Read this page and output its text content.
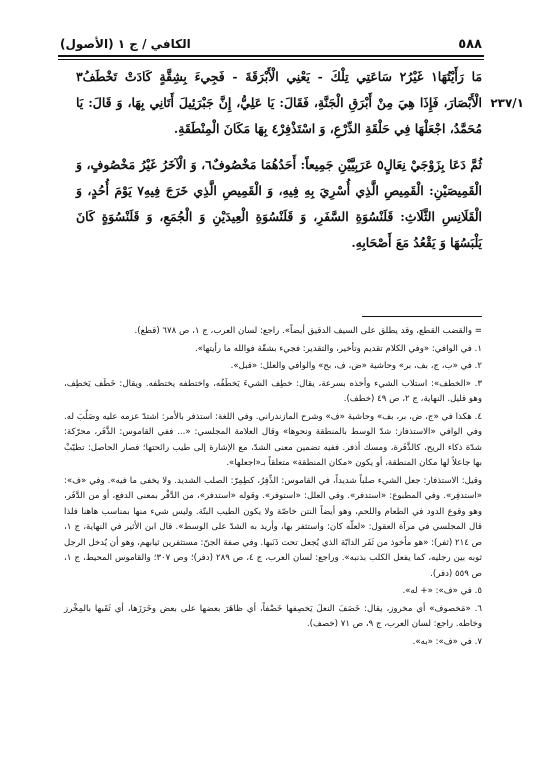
٥٨٨
الكافي / ج ١ (الأصول)
٢٣٧/١

مَا رَأَيْتُهَا١ غَيْرُ٢ سَاعَتِي تِلْكَ - يَعْنِي الْأَبْرَقَةَ - فَجِيءَ بِشِقَّةٍ كَادَتْ تَخْطَفُ٣ الْأَبْصَارَ، فَإِذَا هِيَ مِنْ أَبْرَقِ الْجَنَّةِ، فَقَالَ: يَا عَلِيُّ، إِنَّ جَبْرَئِيلَ أَتَانِي بِهَا، وَ قَالَ: يَا مُحَمَّدُ، اجْعَلْهَا فِي حَلْقَةِ الدِّرْعِ، وَ اسْتَذْفِرْ٤ بِهَا مَكَانَ الْمِنْطَقَةِ.

ثُمَّ دَعَا بِزَوْجَيْ نِعَالٍ٥ عَرَبِيَّيْنِ جَمِيعاً: أَحَدُهُمَا مَخْصُوفٌ٦، وَ الْآخَرُ غَيْرُ مَخْصُوفٍ، وَ الْقَمِيصَيْنِ: الْقَمِيصِ الَّذِي أُسْرِيَ بِهِ فِيهِ، وَ الْقَمِيصِ الَّذِي خَرَجَ فِيهِ٧ يَوْمَ أُحُدٍ، وَ الْقَلَانِسِ الثَّلَاثِ: قَلَنْسُوَةِ السَّفَرِ، وَ قَلَنْسُوَةِ الْعِيدَيْنِ وَ الْجُمَعِ، وَ قَلَنْسُوَةٍ كَانَ يَلْبَسُهَا وَ يَقْعُدُ مَعَ أَصْحَابِهِ.

= والقضب القطع، وقد يطلق على السيف الدقيق أيضاً». راجع: لسان العرب، ج ١، ص ٦٧٨ (قطع).

١. في الوافي: «وفي الكلام تقديم وتأخير، والتقدير: فجيء بشقّة فوالله ما رأيتها».

٢. في «ب، ج، بف، بر» وحاشية «ض، ف، بح» والوافي والعلل: «قبل».

٣. «الخطف»: استلاب الشيء وأخذه بسرعة، يقال: خطِف الشيءَ يَخطَفُه، واختطفه يختطفه. ويقال: خَطَف يَخطِف، وهو قليل. النهاية، ج ٢، ص ٤٩ (خطف).

٤. هكذا في «ج، ض، بر، بف» وحاشية «ف» وشرح المازندراني. وفي اللغة: استذفر بالأمر: اشتدّ عزمه عليه وصَلُبَ له. وفي الوافي «الاستذفار: شدّ الوسط بالمنطقة ونحوها» وقال العلامة المجلسي: «... ففي القاموس: الذَّفَر، محرّكة: شدّة ذكاء الريح، كالذَّفَرة، ومسك أذفر. ففيه تضمين معنى الشدّ، مع الإشارة إلى طيب رائحتها؛ فصار الحاصل: تطيّبْ بها جاعلاً لها مكان المنطقة، أو يكون «مكان المنطقة» متعلقاً بـ«اجعلها».

وقيل: الاستذفار: جعل الشيء صلباً شديداً، في القاموس: الذِّفِرُ، كطِمِرّ: الصلب الشديد. ولا يخفى ما فيه». وفي «ف»: «استدفِر». وفي المطبوع: «استدفر». وفي العلل: «استوفر». وقوله «استدفر»، من الدَّفْر بمعنى الدفع، أو من الدَّفَر، وهو وقوع الدود في الطعام واللحم، وهو أيضاً النتن خاصّة ولا يكون الطيب البتّة. وليس شيء منها بمناسب هاهنا فلذا قال المجلسي في مرآة العقول: «لعلّه كان: واستثفر بها، وأريد به الشدّ على الوسط». قال ابن الأثير في النهاية، ج ١، ص ٢١٤ (ثفر): «هو مأخوذ من ثَفَر الدابّة الذي يُجعل تحت ذَنَبها. وفي صفة الجنّ: مستثفرين ثيابهم، وهو أن يُدخل الرجل ثوبه بين رجليه، كما يفعل الكلب بذنبه». وراجع: لسان العرب، ج ٤، ص ٢٨٩ (دفر)؛ وص ٣٠٧؛ والقاموس المحيط، ج ١، ص ٥٥٩ (دفر).

٥. في «ف»: «+ له».

٦. «مَخصوف» أي مخروز، يقال: خَصَفَ النعلَ يَخصِفها خَصْفاً، أي ظاهَرَ بعضها على بعض وخَرَزَها، أي ثَقَبها بالمِخْرز وخاطه. راجع: لسان العرب، ج ٩، ص ٧١ (خصف).

٧. في «ف»: «به».
